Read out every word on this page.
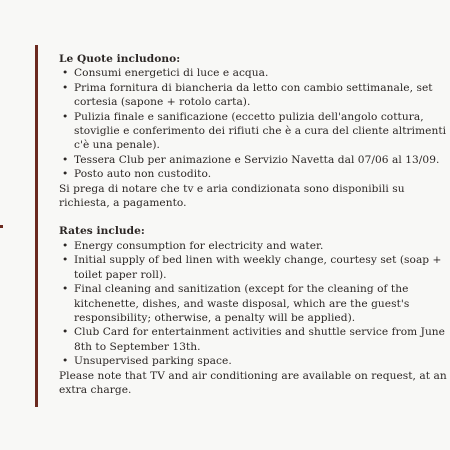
Le Quote includono:
• Consumi energetici di luce e acqua.
• Prima fornitura di biancheria da letto con cambio settimanale, set cortesia (sapone + rotolo carta).
• Pulizia finale e sanificazione (eccetto pulizia dell'angolo cottura, stoviglie e conferimento dei rifiuti che è a cura del cliente altrimenti c'è una penale).
• Tessera Club per animazione e Servizio Navetta dal 07/06 al 13/09.
• Posto auto non custodito.

Si prega di notare che tv e aria condizionata sono disponibili su richiesta, a pagamento.

Rates include:
• Energy consumption for electricity and water.
• Initial supply of bed linen with weekly change, courtesy set (soap + toilet paper roll).
• Final cleaning and sanitization (except for the cleaning of the kitchenette, dishes, and waste disposal, which are the guest's responsibility; otherwise, a penalty will be applied).
• Club Card for entertainment activities and shuttle service from June 8th to September 13th.
• Unsupervised parking space.

Please note that TV and air conditioning are available on request, at an extra charge.
